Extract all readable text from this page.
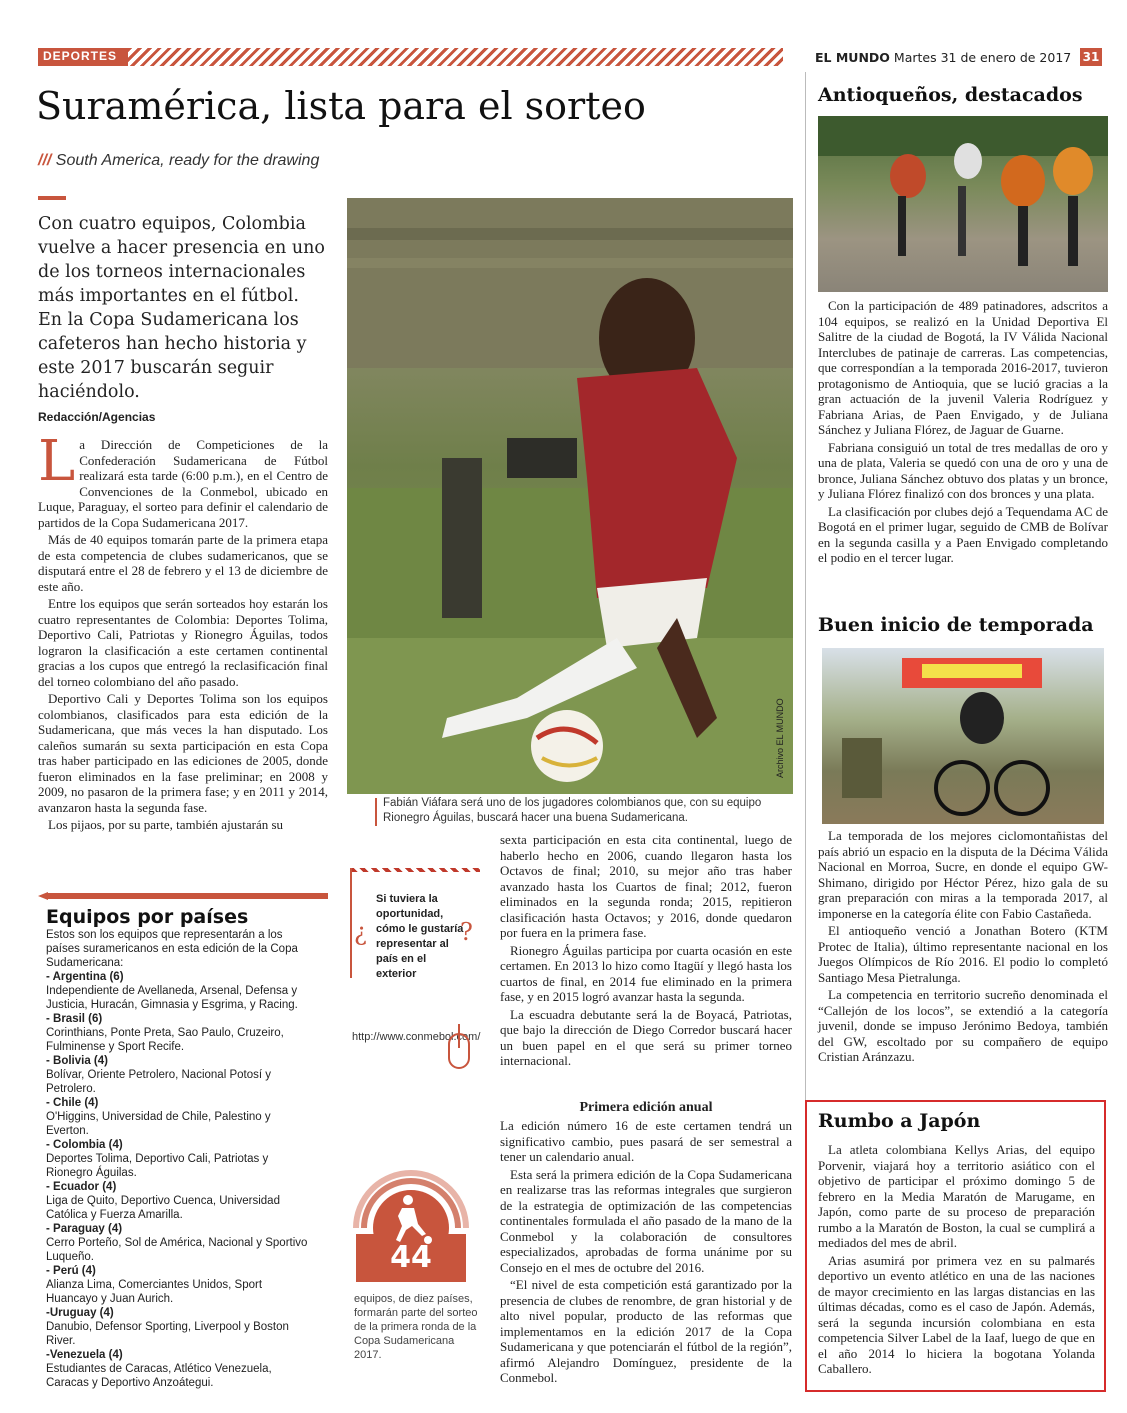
DEPORTES	EL MUNDO Martes 31 de enero de 2017 31
Suramérica, lista para el sorteo
/// South America, ready for the drawing
Con cuatro equipos, Colombia vuelve a hacer presencia en uno de los torneos internacionales más importantes en el fútbol. En la Copa Sudamericana los cafeteros han hecho historia y este 2017 buscarán seguir haciéndolo.
Redacción/Agencias

La Dirección de Competiciones de la Confederación Sudamericana de Fútbol realizará esta tarde (6:00 p.m.), en el Centro de Convenciones de la Conmebol, ubicado en Luque, Paraguay, el sorteo para definir el calendario de partidos de la Copa Sudamericana 2017.

Más de 40 equipos tomarán parte de la primera etapa de esta competencia de clubes sudamericanos, que se disputará entre el 28 de febrero y el 13 de diciembre de este año.

Entre los equipos que serán sorteados hoy estarán los cuatro representantes de Colombia: Deportes Tolima, Deportivo Cali, Patriotas y Rionegro Águilas, todos lograron la clasificación a este certamen continental gracias a los cupos que entregó la reclasificación final del torneo colombiano del año pasado.

Deportivo Cali y Deportes Tolima son los equipos colombianos, clasificados para esta edición de la Sudamericana, que más veces la han disputado. Los caleños sumarán su sexta participación en esta Copa tras haber participado en las ediciones de 2005, donde fueron eliminados en la fase preliminar; en 2008 y 2009, no pasaron de la primera fase; y en 2011 y 2014, avanzaron hasta la segunda fase.

Los pijaos, por su parte, también ajustarán su

Archivo EL MUNDO
Fabián Viáfara será uno de los jugadores colombianos que, con su equipo Rionegro Águilas, buscará hacer una buena Sudamericana.

sexta participación en esta cita continental, luego de haberlo hecho en 2006, cuando llegaron hasta los Octavos de final; 2010, su mejor año tras haber avanzado hasta los Cuartos de final; 2012, fueron eliminados en la segunda ronda; 2015, repitieron clasificación hasta Octavos; y 2016, donde quedaron por fuera en la primera fase.

Rionegro Águilas participa por cuarta ocasión en este certamen. En 2013 lo hizo como Itagüí y llegó hasta los cuartos de final, en 2014 fue eliminado en la primera fase, y en 2015 logró avanzar hasta la segunda.

La escuadra debutante será la de Boyacá, Patriotas, que bajo la dirección de Diego Corredor buscará hacer un buen papel en el que será su primer torneo internacional.

Primera edición anual

La edición número 16 de este certamen tendrá un significativo cambio, pues pasará de ser semestral a tener un calendario anual.

Esta será la primera edición de la Copa Sudamericana en realizarse tras las reformas integrales que surgieron de la estrategia de optimización de las competencias continentales formulada el año pasado de la mano de la Conmebol y la colaboración de consultores especializados, aprobadas de forma unánime por su Consejo en el mes de octubre del 2016.

“El nivel de esta competición está garantizado por la presencia de clubes de renombre, de gran historial y de alto nivel popular, producto de las reformas que implementamos en la edición 2017 de la Copa Sudamericana y que potenciarán el fútbol de la región”, afirmó Alejandro Domínguez, presidente de la Conmebol.

Equipos por países
Estos son los equipos que representarán a los países suramericanos en esta edición de la Copa Sudamericana:
- Argentina (6)
Independiente de Avellaneda, Arsenal, Defensa y Justicia, Huracán, Gimnasia y Esgrima, y Racing.
- Brasil (6)
Corinthians, Ponte Preta, Sao Paulo, Cruzeiro, Fulminense y Sport Recife.
- Bolivia (4)
Bolívar, Oriente Petrolero, Nacional Potosí y Petrolero.
- Chile (4)
O'Higgins, Universidad de Chile, Palestino y Everton.
- Colombia (4)
Deportes Tolima, Deportivo Cali, Patriotas y Rionegro Águilas.
- Ecuador (4)
Liga de Quito, Deportivo Cuenca, Universidad Católica y Fuerza Amarilla.
- Paraguay (4)
Cerro Porteño, Sol de América, Nacional y Sportivo Luqueño.
- Perú (4)
Alianza Lima, Comerciantes Unidos, Sport Huancayo y Juan Aurich.
-Uruguay (4)
Danubio, Defensor Sporting, Liverpool y Boston River.
-Venezuela (4)
Estudiantes de Caracas, Atlético Venezuela, Caracas y Deportivo Anzoátegui.
¿
Si tuviera la oportunidad, cómo le gustaría representar al país en el exterior
?
http://www.conmebol.com/
44
equipos, de diez países, formarán parte del sorteo de la primera ronda de la Copa Sudamericana 2017.
Antioqueños, destacados

Con la participación de 489 patinadores, adscritos a 104 equipos, se realizó en la Unidad Deportiva El Salitre de la ciudad de Bogotá, la IV Válida Nacional Interclubes de patinaje de carreras. Las competencias, que correspondían a la temporada 2016-2017, tuvieron protagonismo de Antioquia, que se lució gracias a la gran actuación de la juvenil Valeria Rodríguez y Fabriana Arias, de Paen Envigado, y de Juliana Sánchez y Juliana Flórez, de Jaguar de Guarne.

Fabriana consiguió un total de tres medallas de oro y una de plata, Valeria se quedó con una de oro y una de bronce, Juliana Sánchez obtuvo dos platas y un bronce, y Juliana Flórez finalizó con dos bronces y una plata.

La clasificación por clubes dejó a Tequendama AC de Bogotá en el primer lugar, seguido de CMB de Bolívar en la segunda casilla y a Paen Envigado completando el podio en el tercer lugar.

Buen inicio de temporada

La temporada de los mejores ciclomontañistas del país abrió un espacio en la disputa de la Décima Válida Nacional en Morroa, Sucre, en donde el equipo GW-Shimano, dirigido por Héctor Pérez, hizo gala de su gran preparación con miras a la temporada 2017, al imponerse en la categoría élite con Fabio Castañeda.

El antioqueño venció a Jonathan Botero (KTM Protec de Italia), último representante nacional en los Juegos Olímpicos de Río 2016. El podio lo completó Santiago Mesa Pietralunga.

La competencia en territorio sucreño denominada el “Callejón de los locos”, se extendió a la categoría juvenil, donde se impuso Jerónimo Bedoya, también del GW, escoltado por su compañero de equipo Cristian Aránzazu.

Rumbo a Japón

La atleta colombiana Kellys Arias, del equipo Porvenir, viajará hoy a territorio asiático con el objetivo de participar el próximo domingo 5 de febrero en la Media Maratón de Marugame, en Japón, como parte de su proceso de preparación rumbo a la Maratón de Boston, la cual se cumplirá a mediados del mes de abril.

Arias asumirá por primera vez en su palmarés deportivo un evento atlético en una de las naciones de mayor crecimiento en las largas distancias en las últimas décadas, como es el caso de Japón. Además, será la segunda incursión colombiana en esta competencia Silver Label de la Iaaf, luego de que en el año 2014 lo hiciera la bogotana Yolanda Caballero.
